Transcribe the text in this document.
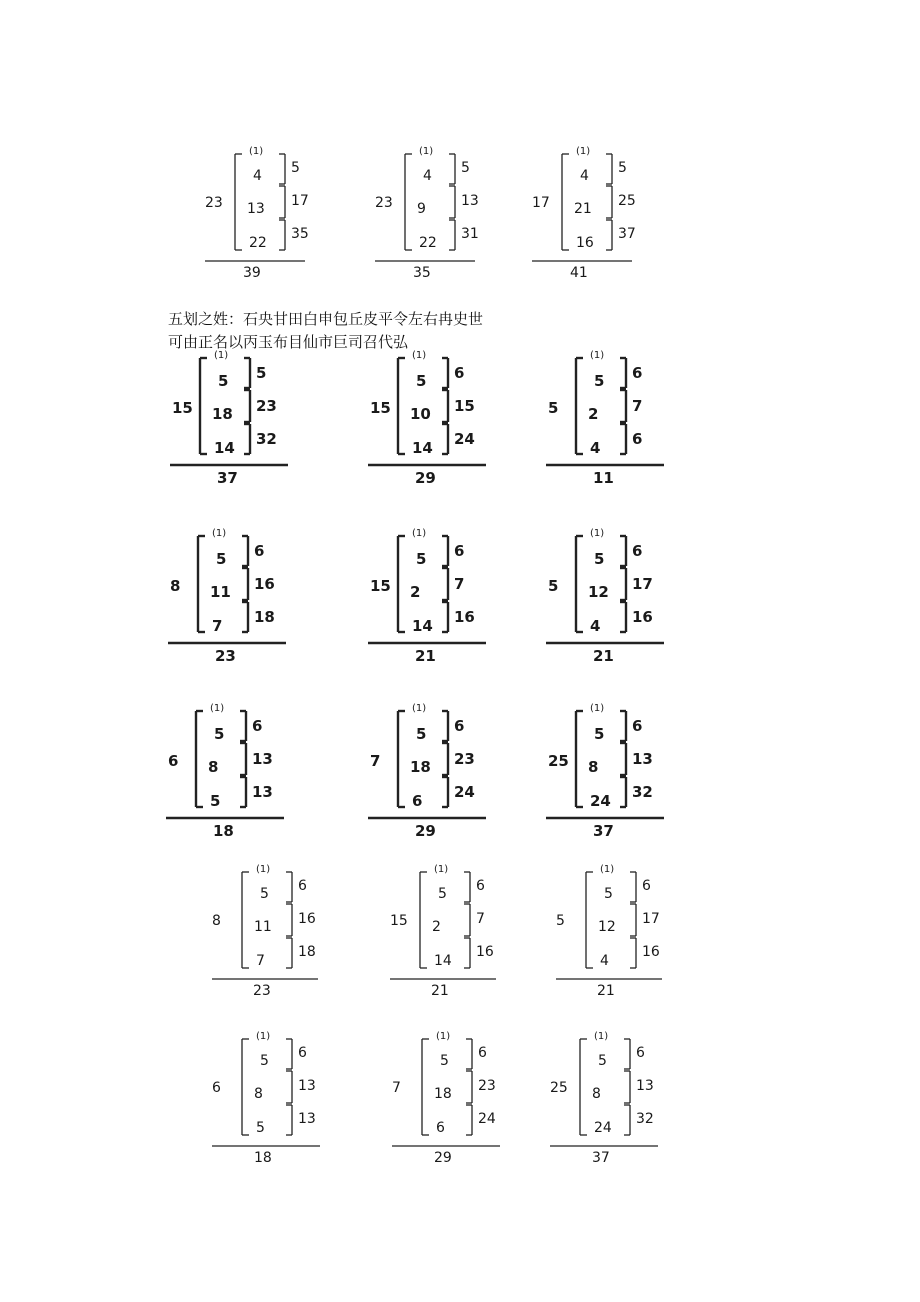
五划之姓：石央甘田白申包丘皮平令左右冉史世
可由正名以丙玉布目仙市巨司召代弘
23
(1)
4
13
22
5
17
35
39
23
(1)
4
9
22
5
13
31
35
17
(1)
4
21
16
5
25
37
41
15
(1)
5
18
14
5
23
32
37
15
(1)
5
10
14
6
15
24
29
5
(1)
5
2
4
6
7
6
11
8
(1)
5
11
7
6
16
18
23
15
(1)
5
2
14
6
7
16
21
5
(1)
5
12
4
6
17
16
21
6
(1)
5
8
5
6
13
13
18
7
(1)
5
18
6
6
23
24
29
25
(1)
5
8
24
6
13
32
37
8
(1)
5
11
7
6
16
18
23
15
(1)
5
2
14
6
7
16
21
5
(1)
5
12
4
6
17
16
21
6
(1)
5
8
5
6
13
13
18
7
(1)
5
18
6
6
23
24
29
25
(1)
5
8
24
6
13
32
37
